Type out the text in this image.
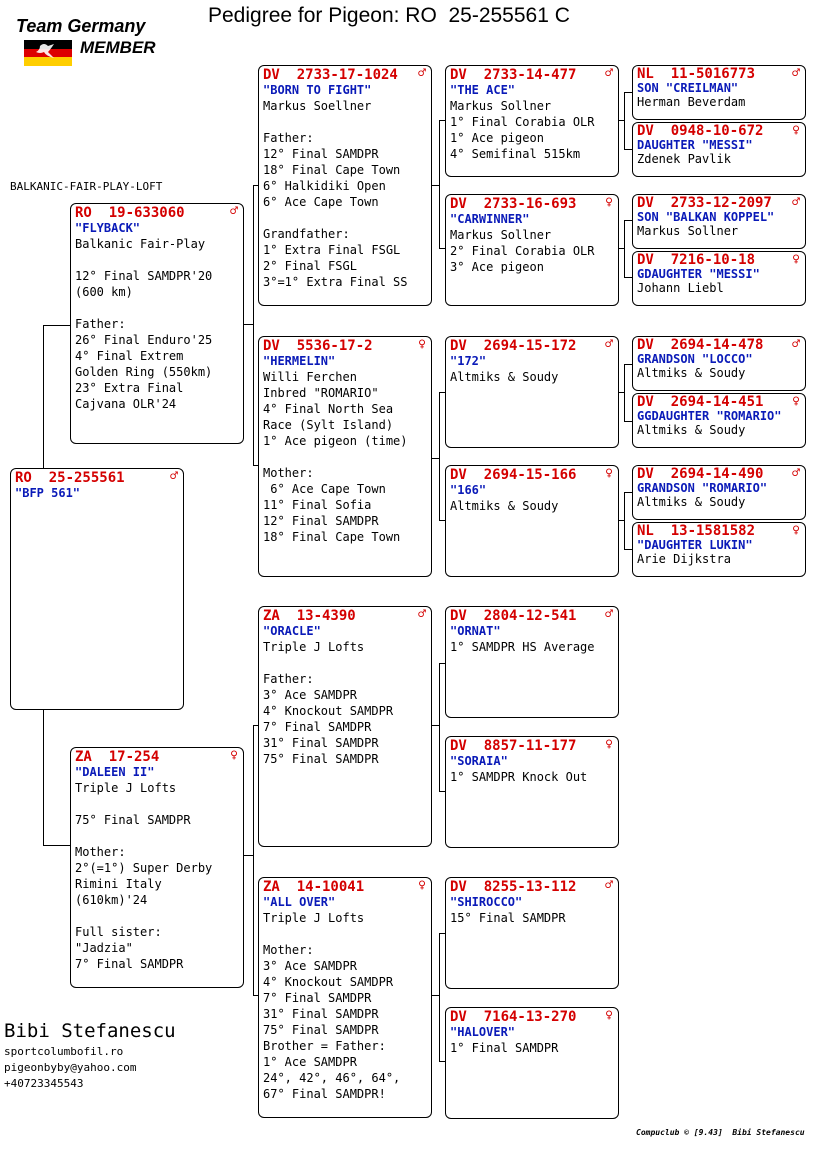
Pedigree for Pigeon: RO  25-255561 C
Team Germany
MEMBER
BALKANIC-FAIR-PLAY-LOFT
RO  25-255561	♂
"BFP 561"
RO  19-633060	♂
"FLYBACK"
Balkanic Fair-Play

12° Final SAMDPR'20
(600 km)

Father:
26° Final Enduro'25
4° Final Extrem
Golden Ring (550km)
23° Extra Final
Cajvana OLR'24
ZA  17-254	♀
"DALEEN II"
Triple J Lofts

75° Final SAMDPR

Mother:
2°(=1°) Super Derby
Rimini Italy
(610km)'24

Full sister:
"Jadzia"
7° Final SAMDPR
DV  2733-17-1024 ♂
"BORN TO FIGHT"
Markus Soellner

Father:
12° Final SAMDPR
18° Final Cape Town
6° Halkidiki Open
6° Ace Cape Town

Grandfather:
1° Extra Final FSGL
2° Final FSGL
3°=1° Extra Final SS
DV  5536-17-2	♀
"HERMELIN"
Willi Ferchen
Inbred "ROMARIO"
4° Final North Sea
Race (Sylt Island)
1° Ace pigeon (time)

Mother:
6° Ace Cape Town
11° Final Sofia
12° Final SAMDPR
18° Final Cape Town
ZA  13-4390	♂
"ORACLE"
Triple J Lofts

Father:
3° Ace SAMDPR
4° Knockout SAMDPR
7° Final SAMDPR
31° Final SAMDPR
75° Final SAMDPR
ZA  14-10041	♀
"ALL OVER"
Triple J Lofts

Mother:
3° Ace SAMDPR
4° Knockout SAMDPR
7° Final SAMDPR
31° Final SAMDPR
75° Final SAMDPR
Brother = Father:
1° Ace SAMDPR
24°, 42°, 46°, 64°,
67° Final SAMDPR!
DV  2733-14-477 ♂
"THE ACE"
Markus Sollner
1° Final Corabia OLR
1° Ace pigeon
4° Semifinal 515km
DV  2733-16-693 ♀
"CARWINNER"
Markus Sollner
2° Final Corabia OLR
3° Ace pigeon
DV  2694-15-172 ♂
"172"
Altmiks & Soudy
DV  2694-15-166 ♀
"166"
Altmiks & Soudy
DV  2804-12-541 ♂
"ORNAT"
1° SAMDPR HS Average
DV  8857-11-177 ♀
"SORAIA"
1° SAMDPR Knock Out
DV  8255-13-112 ♂
"SHIROCCO"
15° Final SAMDPR
DV  7164-13-270 ♀
"HALOVER"
1° Final SAMDPR
NL  11-5016773	♂
SON "CREILMAN"
Herman Beverdam
DV  0948-10-672 ♀
DAUGHTER "MESSI"
Zdenek Pavlik
DV  2733-12-2097 ♂
SON "BALKAN KOPPEL"
Markus Sollner
DV  7216-10-18	♀
GDAUGHTER "MESSI"
Johann Liebl
DV  2694-14-478 ♂
GRANDSON "LOCCO"
Altmiks & Soudy
DV  2694-14-451 ♀
GGDAUGHTER "ROMARIO"
Altmiks & Soudy
DV  2694-14-490 ♂
GRANDSON "ROMARIO"
Altmiks & Soudy
NL  13-1581582	♀
"DAUGHTER LUKIN"
Arie Dijkstra
Bibi Stefanescu
sportcolumbofil.ro
pigeonbyby@yahoo.com
+40723345543
Compuclub © [9.43]  Bibi Stefanescu
